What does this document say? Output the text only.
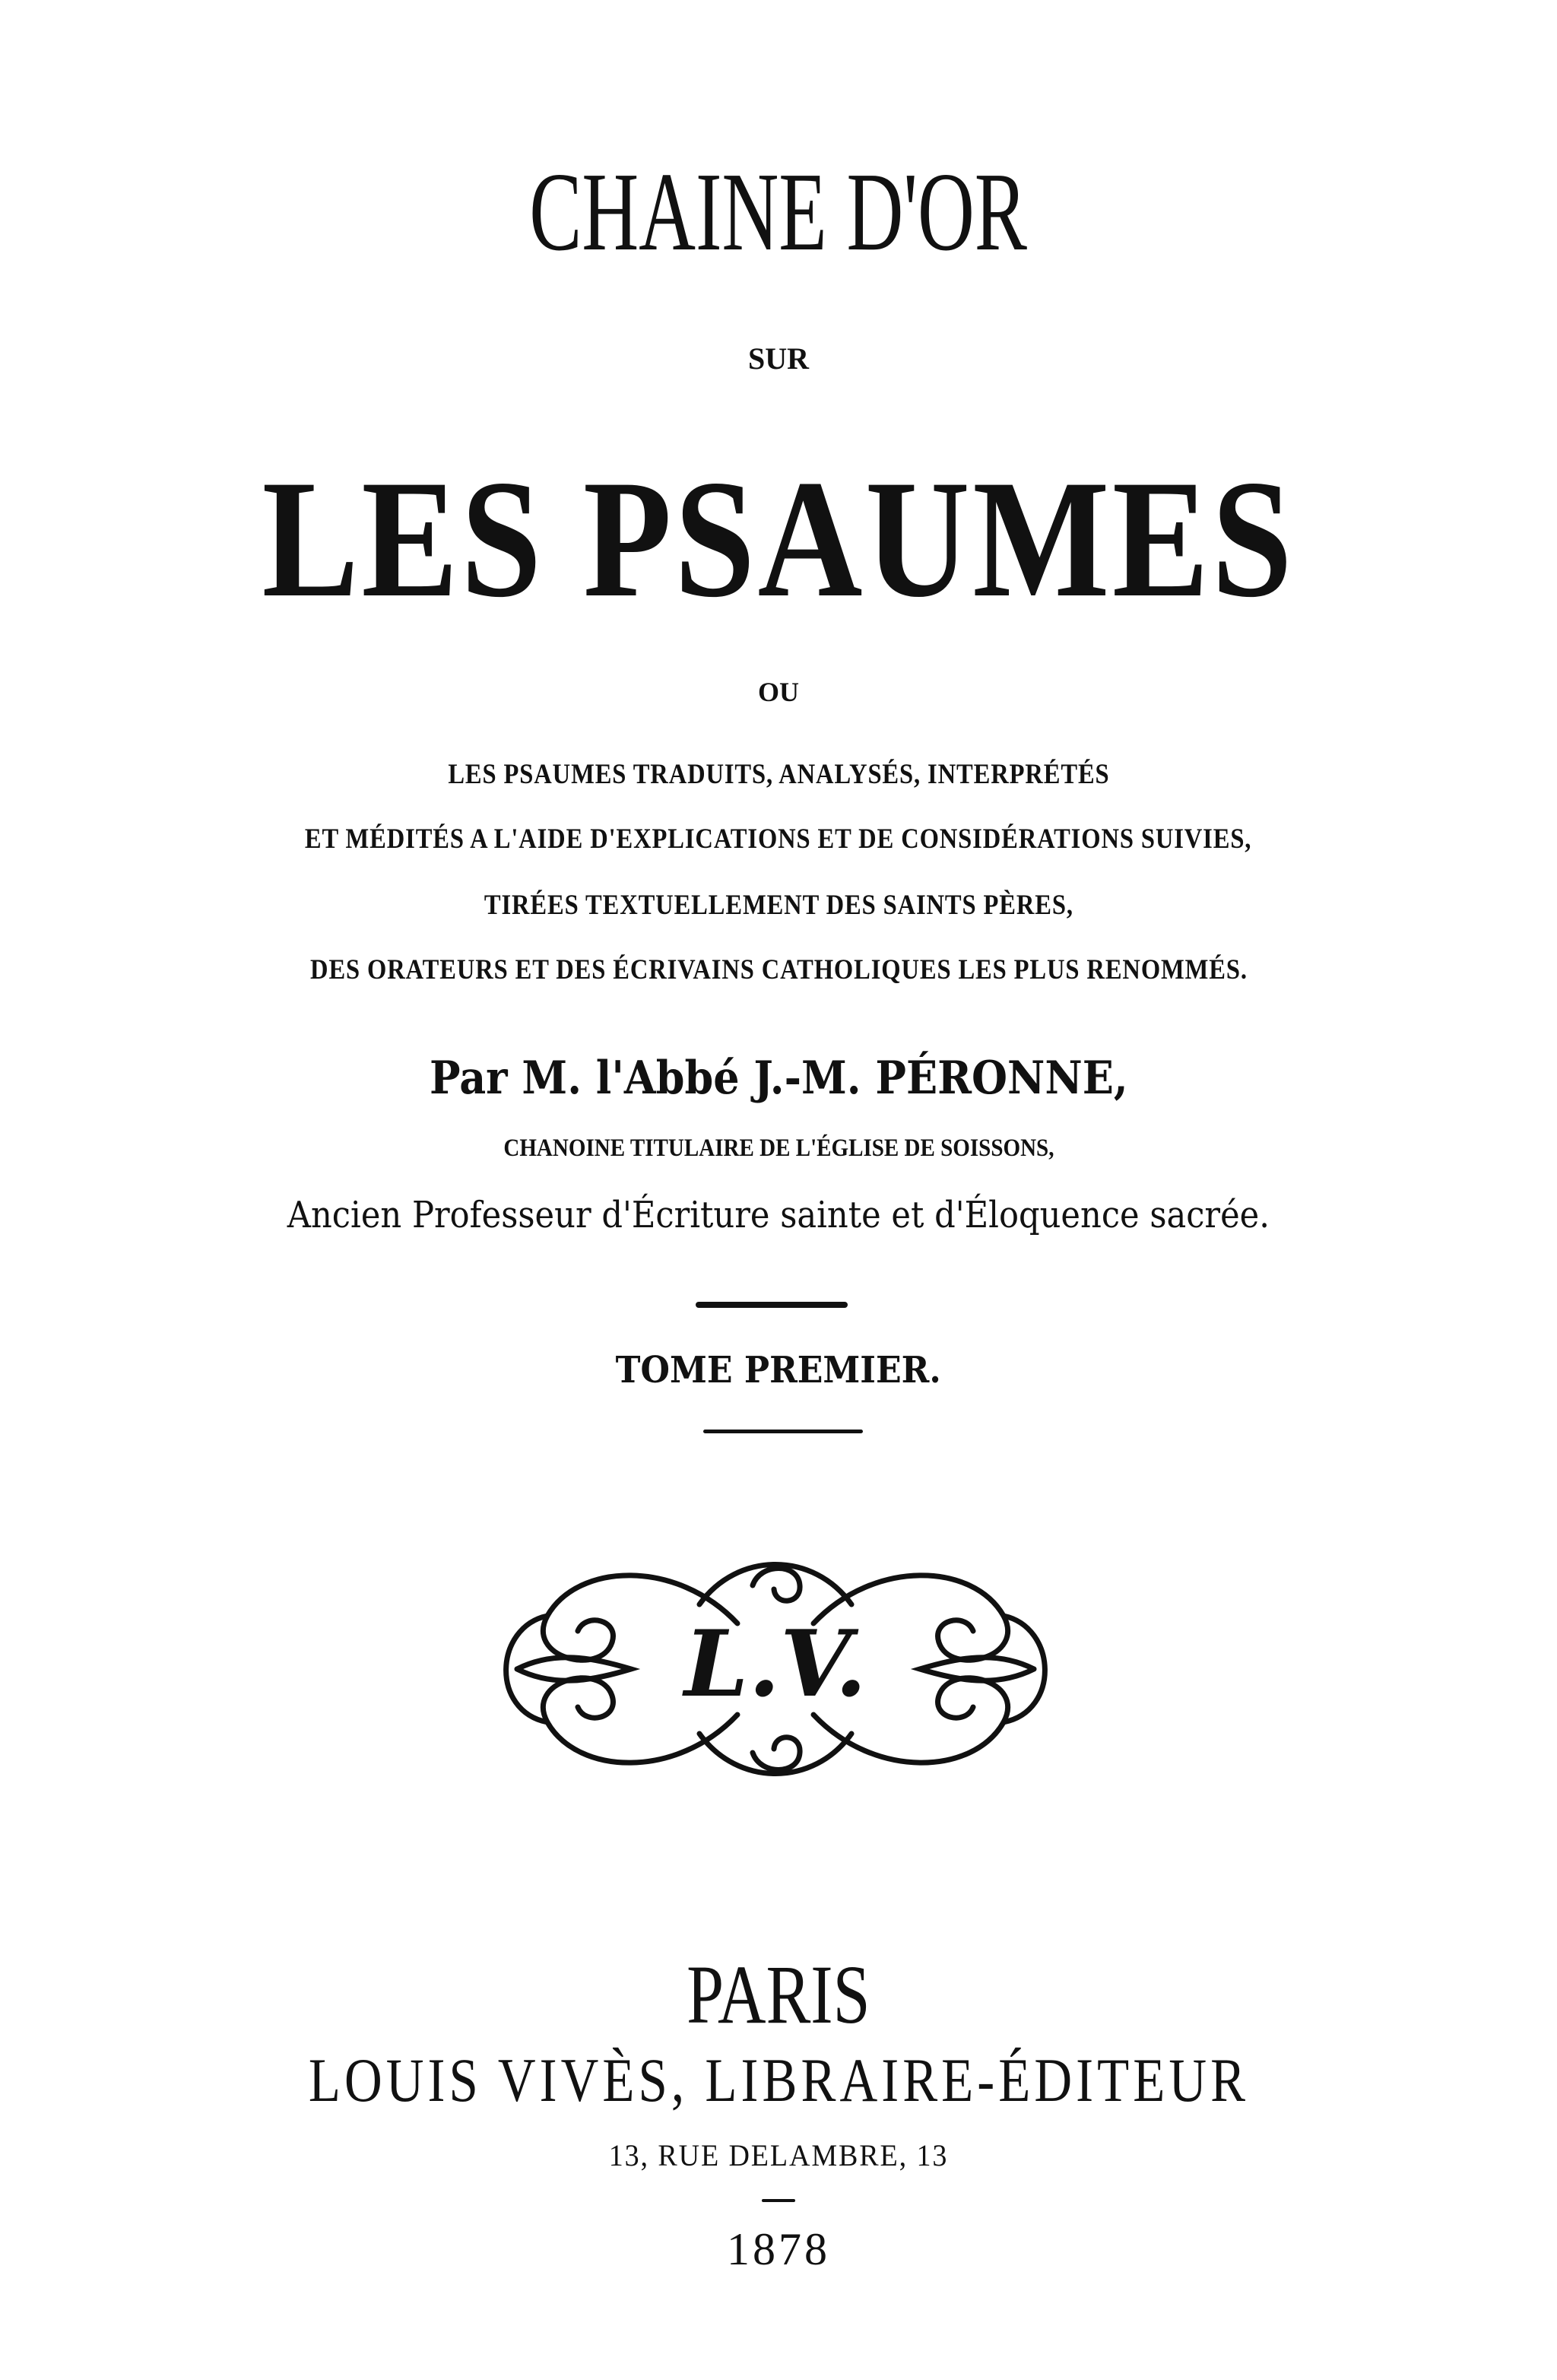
CHAINE D'OR
SUR
LES PSAUMES
OU
LES PSAUMES TRADUITS, ANALYSÉS, INTERPRÉTÉS
ET MÉDITÉS A L'AIDE D'EXPLICATIONS ET DE CONSIDÉRATIONS SUIVIES,
TIRÉES TEXTUELLEMENT DES SAINTS PÈRES,
DES ORATEURS ET DES ÉCRIVAINS CATHOLIQUES LES PLUS RENOMMÉS.
Par M. l'Abbé J.-M. PÉRONNE,
CHANOINE TITULAIRE DE L'ÉGLISE DE SOISSONS,
Ancien Professeur d'Écriture sainte et d'Éloquence sacrée.
TOME PREMIER.
L.V.
PARIS
LOUIS VIVÈS, LIBRAIRE-ÉDITEUR
13, RUE DELAMBRE, 13
1878
